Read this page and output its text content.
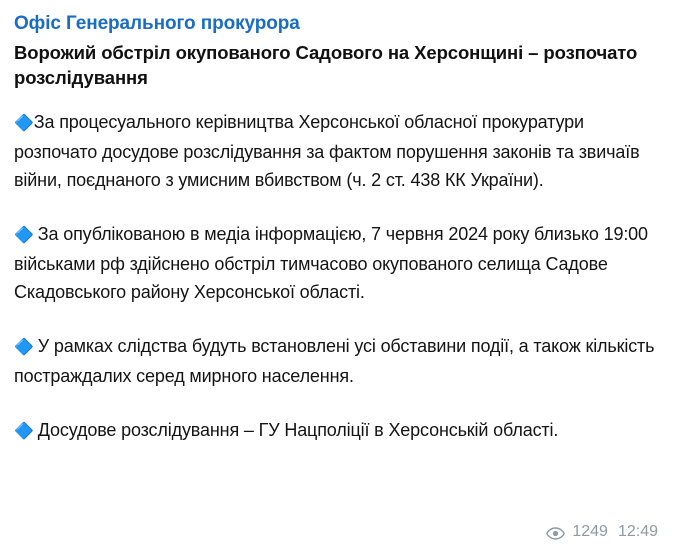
Офіс Генерального прокурора
Ворожий обстріл окупованого Садового на Херсонщині – розпочато розслідування

🔷За процесуального керівництва Херсонської обласної прокуратури розпочато досудове розслідування за фактом порушення законів та звичаїв війни, поєднаного з умисним вбивством (ч. 2 ст. 438 КК України).

🔷 За опублікованою в медіа інформацією, 7 червня 2024 року близько 19:00 військами рф здійснено обстріл тимчасово окупованого селища Садове Скадовського району Херсонської області.

🔷 У рамках слідства будуть встановлені усі обставини події, а також кількість постраждалих серед мирного населення.

🔷 Досудове розслідування – ГУ Нацполіції в Херсонській області.

1249 12:49
